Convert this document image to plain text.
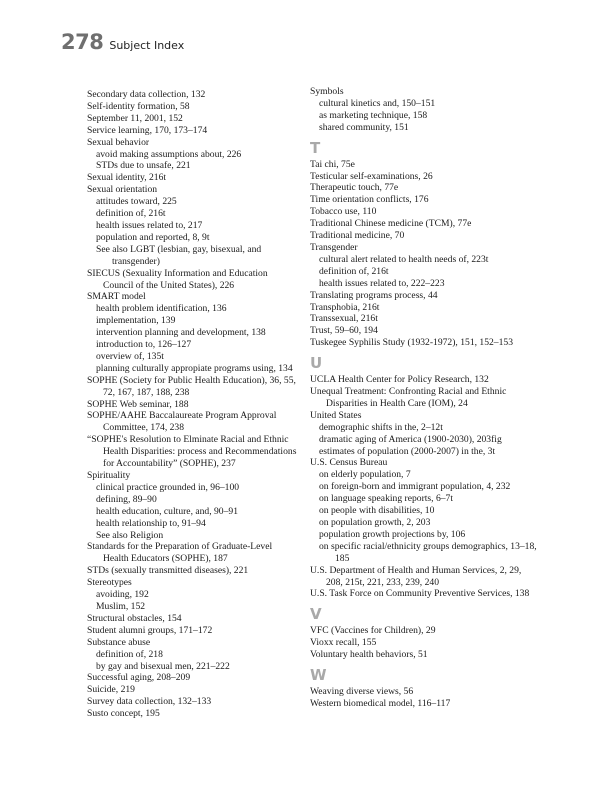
278 Subject Index
Secondary data collection, 132
Self-identity formation, 58
September 11, 2001, 152
Service learning, 170, 173–174
Sexual behavior
avoid making assumptions about, 226
STDs due to unsafe, 221
Sexual identity, 216t
Sexual orientation
attitudes toward, 225
definition of, 216t
health issues related to, 217
population and reported, 8, 9t
See also LGBT (lesbian, gay, bisexual, and transgender)
SIECUS (Sexuality Information and Education Council of the United States), 226
SMART model
health problem identification, 136
implementation, 139
intervention planning and development, 138
introduction to, 126–127
overview of, 135t
planning culturally appropiate programs using, 134
SOPHE (Society for Public Health Education), 36, 55, 72, 167, 187, 188, 238
SOPHE Web seminar, 188
SOPHE/AAHE Baccalaureate Program Approval Committee, 174, 238
“SOPHE's Resolution to Elminate Racial and Ethnic Health Disparities: process and Recommendations for Accountability” (SOPHE), 237
Spirituality
clinical practice grounded in, 96–100
defining, 89–90
health education, culture, and, 90–91
health relationship to, 91–94
See also Religion
Standards for the Preparation of Graduate-Level Health Educators (SOPHE), 187
STDs (sexually transmitted diseases), 221
Stereotypes
avoiding, 192
Muslim, 152
Structural obstacles, 154
Student alumni groups, 171–172
Substance abuse
definition of, 218
by gay and bisexual men, 221–222
Successful aging, 208–209
Suicide, 219
Survey data collection, 132–133
Susto concept, 195
Symbols
cultural kinetics and, 150–151
as marketing technique, 158
shared community, 151
T
Tai chi, 75e
Testicular self-examinations, 26
Therapeutic touch, 77e
Time orientation conflicts, 176
Tobacco use, 110
Traditional Chinese medicine (TCM), 77e
Traditional medicine, 70
Transgender
cultural alert related to health needs of, 223t
definition of, 216t
health issues related to, 222–223
Translating programs process, 44
Transphobia, 216t
Transsexual, 216t
Trust, 59–60, 194
Tuskegee Syphilis Study (1932-1972), 151, 152–153
U
UCLA Health Center for Policy Research, 132
Unequal Treatment: Confronting Racial and Ethnic Disparities in Health Care (IOM), 24
United States
demographic shifts in the, 2–12t
dramatic aging of America (1900-2030), 203fig
estimates of population (2000-2007) in the, 3t
U.S. Census Bureau
on elderly population, 7
on foreign-born and immigrant population, 4, 232
on language speaking reports, 6–7t
on people with disabilities, 10
on population growth, 2, 203
population growth projections by, 106
on specific racial/ethnicity groups demographics, 13–18, 185
U.S. Department of Health and Human Services, 2, 29, 208, 215t, 221, 233, 239, 240
U.S. Task Force on Community Preventive Services, 138
V
VFC (Vaccines for Children), 29
Vioxx recall, 155
Voluntary health behaviors, 51
W
Weaving diverse views, 56
Western biomedical model, 116–117
